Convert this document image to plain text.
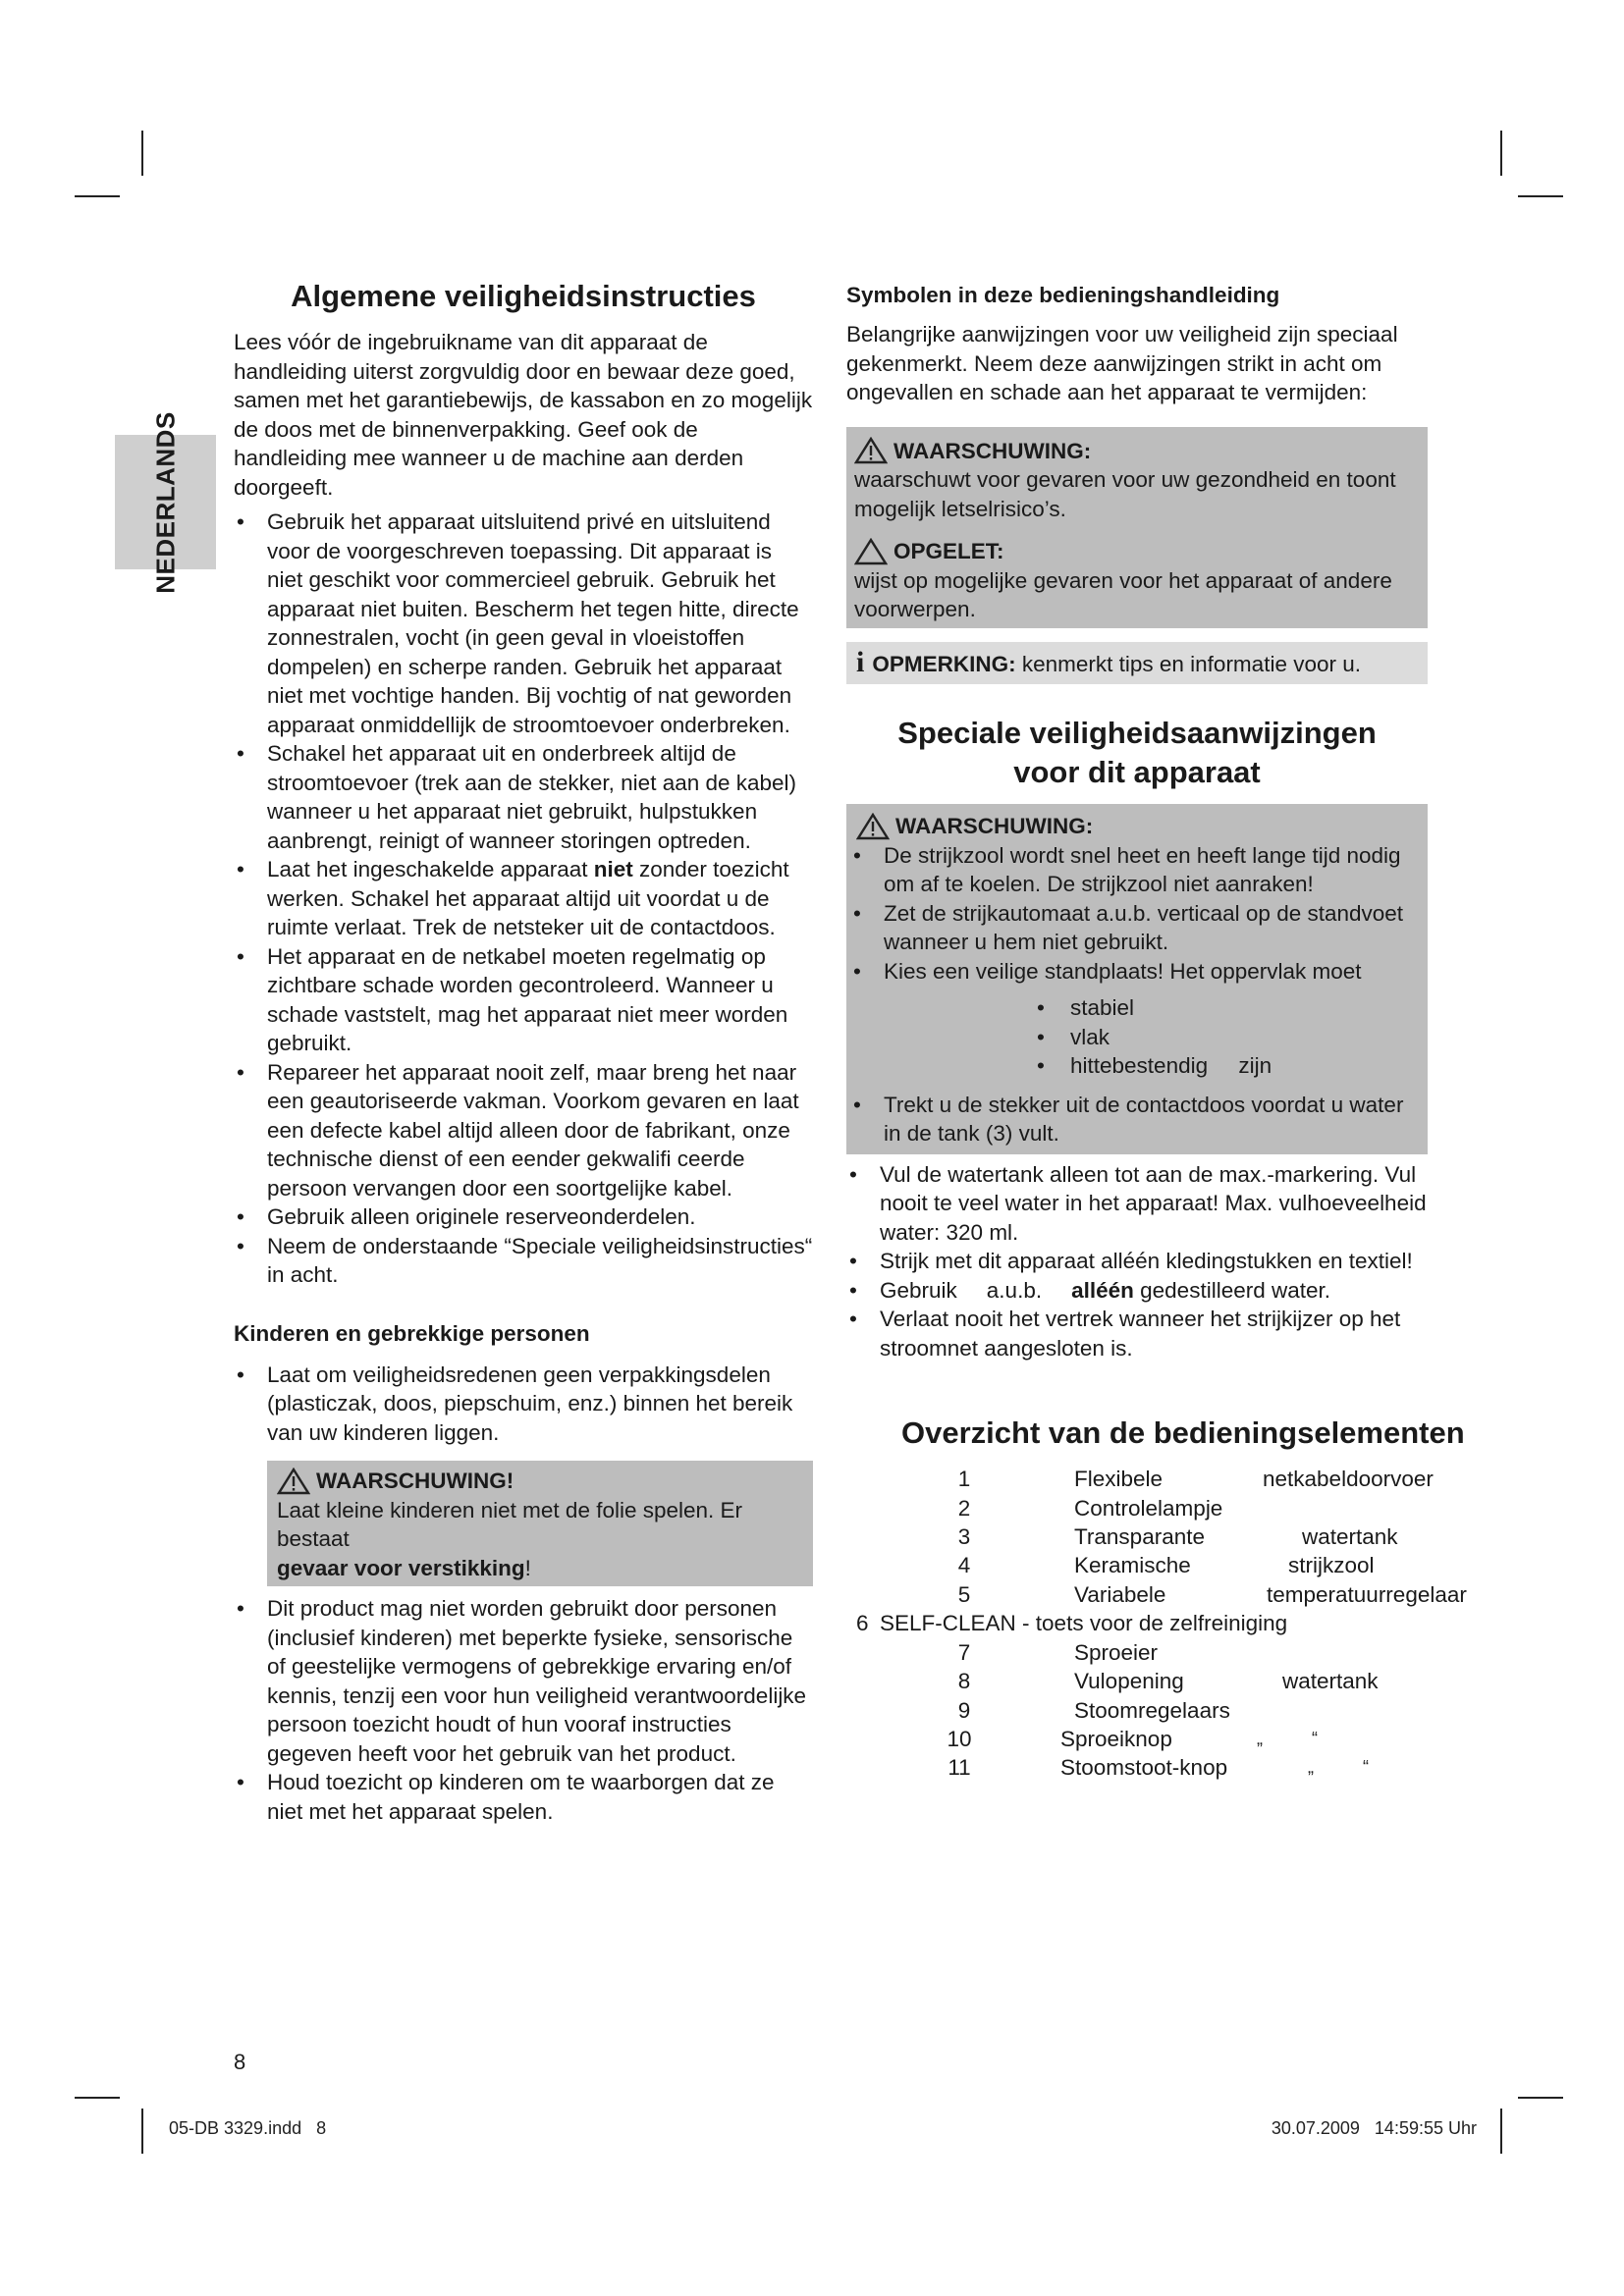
NEDERLANDS
Algemene veiligheidsinstructies

Lees vóór de ingebruikname van dit apparaat de handleiding uiterst zorgvuldig door en bewaar deze goed, samen met het garantiebewijs, de kassabon en zo mogelijk de doos met de binnenverpakking. Geef ook de handleiding mee wanneer u de machine aan derden doorgeeft.

• Gebruik het apparaat uitsluitend privé en uitsluitend voor de voorgeschreven toepassing. Dit apparaat is niet geschikt voor commercieel gebruik. Gebruik het apparaat niet buiten. Bescherm het tegen hitte, directe zonnestralen, vocht (in geen geval in vloeistoffen dompelen) en scherpe randen. Gebruik het apparaat niet met vochtige handen. Bij vochtig of nat geworden apparaat onmiddellijk de stroomtoevoer onderbreken.
• Schakel het apparaat uit en onderbreek altijd de stroomtoevoer (trek aan de stekker, niet aan de kabel) wanneer u het apparaat niet gebruikt, hulpstukken aanbrengt, reinigt of wanneer storingen optreden.
• Laat het ingeschakelde apparaat niet zonder toezicht werken. Schakel het apparaat altijd uit voordat u de ruimte verlaat. Trek de netsteker uit de contactdoos.
• Het apparaat en de netkabel moeten regelmatig op zichtbare schade worden gecontroleerd. Wanneer u schade vaststelt, mag het apparaat niet meer worden gebruikt.
• Repareer het apparaat nooit zelf, maar breng het naar een geautoriseerde vakman. Voorkom gevaren en laat een defecte kabel altijd alleen door de fabrikant, onze technische dienst of een eender gekwalifi ceerde persoon vervangen door een soortgelijke kabel.
• Gebruik alleen originele reserveonderdelen.
• Neem de onderstaande “Speciale veiligheidsinstructies“ in acht.
Kinderen en gebrekkige personen
• Laat om veiligheidsredenen geen verpakkingsdelen (plasticzak, doos, piepschuim, enz.) binnen het bereik van uw kinderen liggen.
WAARSCHUWING!
Laat kleine kinderen niet met de folie spelen. Er bestaat
gevaar voor verstikking!
• Dit product mag niet worden gebruikt door personen (inclusief kinderen) met beperkte fysieke, sensorische of geestelijke vermogens of gebrekkige ervaring en/of kennis, tenzij een voor hun veiligheid verantwoordelijke persoon toezicht houdt of hun vooraf instructies gegeven heeft voor het gebruik van het product.
• Houd toezicht op kinderen om te waarborgen dat ze niet met het apparaat spelen.
Symbolen in deze bedieningshandleiding

Belangrijke aanwijzingen voor uw veiligheid zijn speciaal gekenmerkt. Neem deze aanwijzingen strikt in acht om ongevallen en schade aan het apparaat te vermijden:

WAARSCHUWING:

waarschuwt voor gevaren voor uw gezondheid en toont mogelijk letselrisico’s.

OPGELET:

wijst op mogelijke gevaren voor het apparaat of andere voorwerpen.

i OPMERKING: kenmerkt tips en informatie voor u.
Speciale veiligheidsaanwijzingen
voor dit apparaat
WAARSCHUWING:
• De strijkzool wordt snel heet en heeft lange tijd nodig om af te koelen. De strijkzool niet aanraken!
• Zet de strijkautomaat a.u.b. verticaal op de standvoet wanneer u hem niet gebruikt.
• Kies een veilige standplaats! Het oppervlak moet
• stabiel
• vlak
• hittebestendig     zijn
• Trekt u de stekker uit de contactdoos voordat u water in de tank (3) vult.
• Vul de watertank alleen tot aan de max.-markering. Vul nooit te veel water in het apparaat! Max. vulhoeveelheid water: 320 ml.
• Strijk met dit apparaat alléén kledingstukken en textiel!
• Gebruik a.u.b. alléén gedestilleerd water.
• Verlaat nooit het vertrek wanneer het strijkijzer op het stroomnet aangesloten is.
Overzicht van de bedieningselementen
1	Flexibele	netkabeldoorvoer
2	Controlelampje
3	Transparante	watertank
4	Keramische	strijkzool
5	Variabele	temperatuurregelaar
6 SELF-CLEAN - toets voor de zelfreiniging
7	Sproeier
8	Vulopening	watertank
9	Stoomregelaars
10	Sproeiknop	„          “
11	Stoomstoot-knop	„          “
8
05-DB 3329.indd   8	30.07.2009   14:59:55 Uhr
